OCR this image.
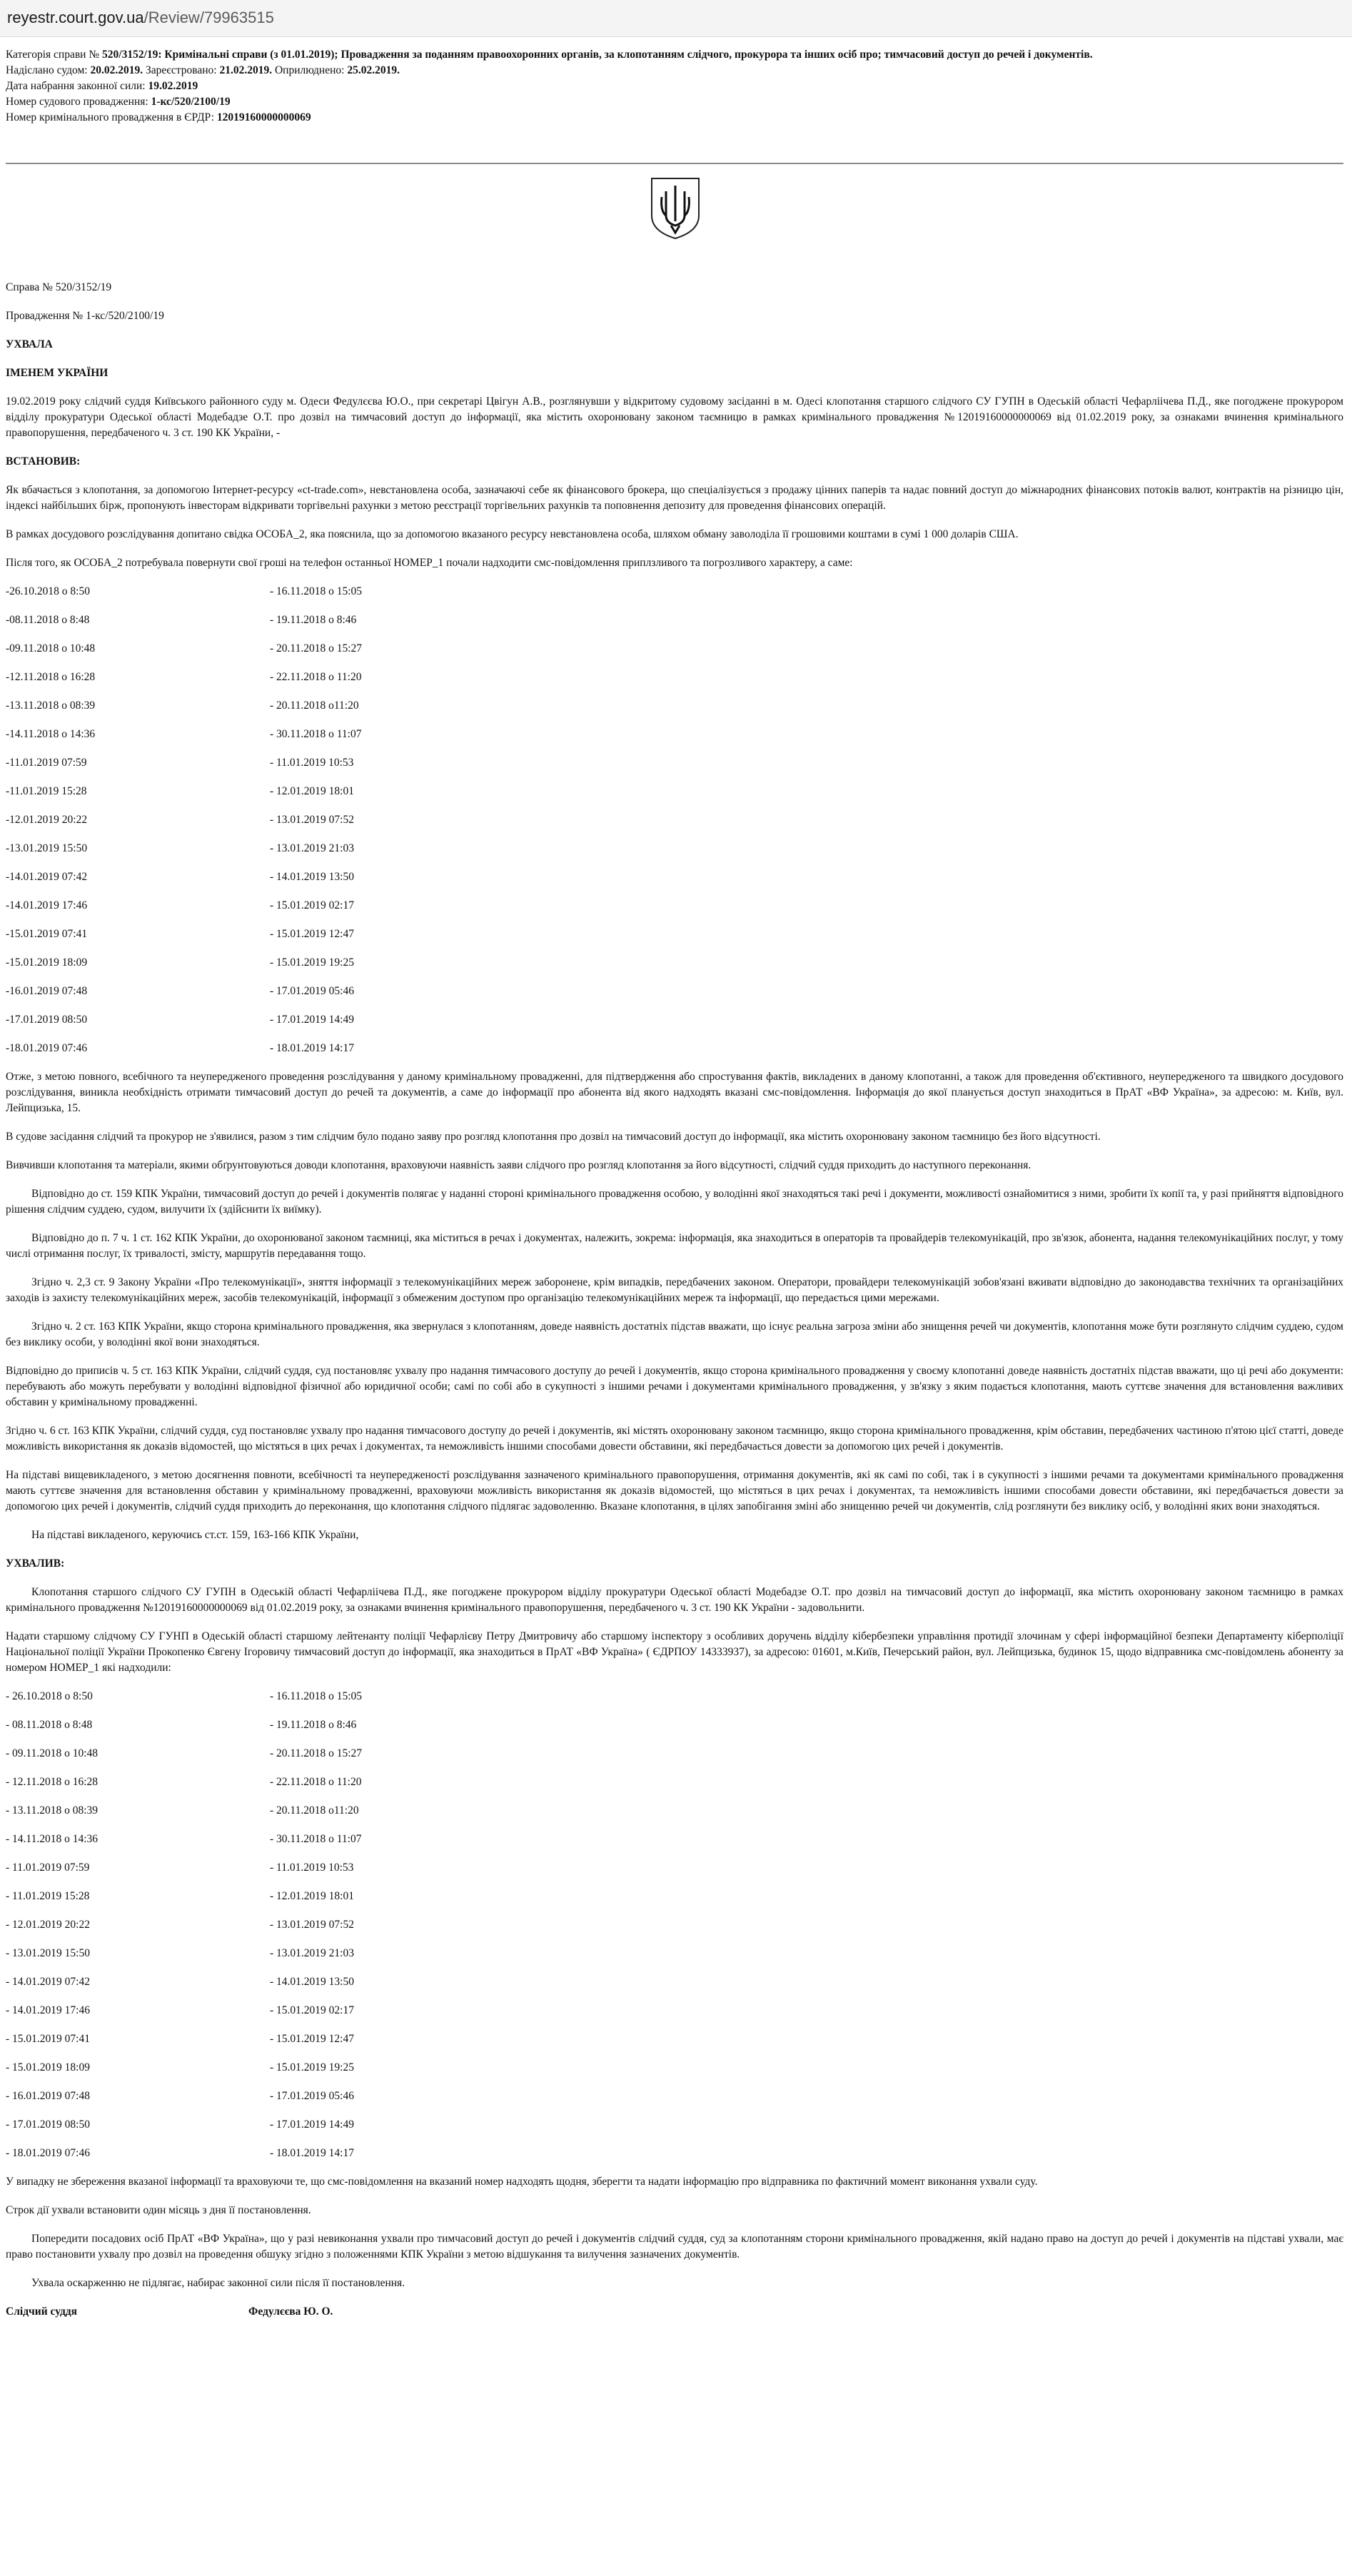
reyestr.court.gov.ua/Review/79963515
Категорія справи № 520/3152/19: Кримінальні справи (з 01.01.2019); Провадження за поданням правоохоронних органів, за клопотанням слідчого, прокурора та інших осіб про; тимчасовий доступ до речей і документів.
Надіслано судом: 20.02.2019. Зареєстровано: 21.02.2019. Оприлюднено: 25.02.2019.
Дата набрання законної сили: 19.02.2019
Номер судового провадження: 1-кс/520/2100/19
Номер кримінального провадження в ЄРДР: 12019160000000069

Справа № 520/3152/19

Провадження № 1-кс/520/2100/19

УХВАЛА

ІМЕНЕМ УКРАЇНИ

19.02.2019 року слідчий суддя Київського районного суду м. Одеси Федулєєва Ю.О., при секретарі Цвігун А.В., розглянувши у відкритому судовому засіданні в м. Одесі клопотання старшого слідчого СУ ГУПН в Одеській області Чефарліічева П.Д., яке погоджене прокурором відділу прокуратури Одеської області Модебадзе О.Т. про дозвіл на тимчасовий доступ до інформації, яка містить охоронювану законом таємницю в рамках кримінального провадження №12019160000000069 від 01.02.2019 року, за ознаками вчинення кримінального правопорушення, передбаченого ч. 3 ст. 190 КК України, -

ВСТАНОВИВ:

Як вбачається з клопотання, за допомогою Інтернет-ресурсу «ct-trade.com», невстановлена особа, зазначаючі себе як фінансового брокера, що спеціалізується з продажу цінних паперів та надає повний доступ до міжнародних фінансових потоків валют, контрактів на різницю цін, індексі найбільших бірж, пропонують інвесторам відкривати торгівельні рахунки з метою реєстрації торгівельних рахунків та поповнення депозиту для проведення фінансових операцій.

В рамках досудового розслідування допитано свідка ОСОБА_2, яка пояснила, що за допомогою вказаного ресурсу невстановлена особа, шляхом обману заволоділа її грошовими коштами в сумі 1 000 доларів США.

Після того, як ОСОБА_2 потребувала повернути свої гроші на телефон останньої НОМЕР_1 почали надходити смс-повідомлення приплзливого та погрозливого характеру, а саме:

-26.10.2018 о 8:50	- 16.11.2018 о 15:05
-08.11.2018 о 8:48	- 19.11.2018 о 8:46
-09.11.2018 о 10:48	- 20.11.2018 о 15:27
-12.11.2018 о 16:28	- 22.11.2018 о 11:20
-13.11.2018 о 08:39	- 20.11.2018 о11:20
-14.11.2018 о 14:36	- 30.11.2018 о 11:07
-11.01.2019 07:59	- 11.01.2019 10:53
-11.01.2019 15:28	- 12.01.2019 18:01
-12.01.2019 20:22	- 13.01.2019 07:52
-13.01.2019 15:50	- 13.01.2019 21:03
-14.01.2019 07:42	- 14.01.2019 13:50
-14.01.2019 17:46	- 15.01.2019 02:17
-15.01.2019 07:41	- 15.01.2019 12:47
-15.01.2019 18:09	- 15.01.2019 19:25
-16.01.2019 07:48	- 17.01.2019 05:46
-17.01.2019 08:50	- 17.01.2019 14:49
-18.01.2019 07:46	- 18.01.2019 14:17

Отже, з метою повного, всебічного та неупередженого проведення розслідування у даному кримінальному провадженні, для підтвердження або спростування фактів, викладених в даному клопотанні, а також для проведення об'єктивного, неупередженого та швидкого досудового розслідування, виникла необхідність отримати тимчасовий доступ до речей та документів, а саме до інформації про абонента від якого надходять вказані смс-повідомлення. Інформація до якої планується доступ знаходиться в ПрАТ «ВФ Україна», за адресою: м. Київ, вул. Лейпцизька, 15.

В судове засідання слідчий та прокурор не з'явилися, разом з тим слідчим було подано заяву про розгляд клопотання про дозвіл на тимчасовий доступ до інформації, яка містить охоронювану законом таємницю без його відсутності.

Вивчивши клопотання та матеріали, якими обґрунтовуються доводи клопотання, враховуючи наявність заяви слідчого про розгляд клопотання за його відсутності, слідчий суддя приходить до наступного переконання.

Відповідно до ст. 159 КПК України, тимчасовий доступ до речей і документів полягає у наданні стороні кримінального провадження особою, у володінні якої знаходяться такі речі і документи, можливості ознайомитися з ними, зробити їх копії та, у разі прийняття відповідного рішення слідчим суддею, судом, вилучити їх (здійснити їх виїмку).

Відповідно до п. 7 ч. 1 ст. 162 КПК України, до охоронюваної законом таємниці, яка міститься в речах і документах, належить, зокрема: інформація, яка знаходиться в операторів та провайдерів телекомунікацій, про зв'язок, абонента, надання телекомунікаційних послуг, у тому числі отримання послуг, їх тривалості, змісту, маршрутів передавання тощо.

Згідно ч. 2,3 ст. 9 Закону України «Про телекомунікації», зняття інформації з телекомунікаційних мереж заборонене, крім випадків, передбачених законом. Оператори, провайдери телекомунікацій зобов'язані вживати відповідно до законодавства технічних та організаційних заходів із захисту телекомунікаційних мереж, засобів телекомунікацій, інформації з обмеженим доступом про організацію телекомунікаційних мереж та інформації, що передається цими мережами.

Згідно ч. 2 ст. 163 КПК України, якщо сторона кримінального провадження, яка звернулася з клопотанням, доведе наявність достатніх підстав вважати, що існує реальна загроза зміни або знищення речей чи документів, клопотання може бути розглянуто слідчим суддею, судом без виклику особи, у володінні якої вони знаходяться.

Відповідно до приписів ч. 5 ст. 163 КПК України, слідчий суддя, суд постановляє ухвалу про надання тимчасового доступу до речей і документів, якщо сторона кримінального провадження у своєму клопотанні доведе наявність достатніх підстав вважати, що ці речі або документи: перебувають або можуть перебувати у володінні відповідної фізичної або юридичної особи; самі по собі або в сукупності з іншими речами і документами кримінального провадження, у зв'язку з яким подається клопотання, мають суттєве значення для встановлення важливих обставин у кримінальному провадженні.

Згідно ч. 6 ст. 163 КПК України, слідчий суддя, суд постановляє ухвалу про надання тимчасового доступу до речей і документів, які містять охоронювану законом таємницю, якщо сторона кримінального провадження, крім обставин, передбачених частиною п'ятою цієї статті, доведе можливість використання як доказів відомостей, що містяться в цих речах і документах, та неможливість іншими способами довести обставини, які передбачається довести за допомогою цих речей і документів.

На підставі вищевикладеного, з метою досягнення повноти, всебічності та неупередженості розслідування зазначеного кримінального правопорушення, отримання документів, які як самі по собі, так і в сукупності з іншими речами та документами кримінального провадження мають суттєве значення для встановлення обставин у кримінальному провадженні, враховуючи можливість використання як доказів відомостей, що містяться в цих речах і документах, та неможливість іншими способами довести обставини, які передбачається довести за допомогою цих речей і документів, слідчий суддя приходить до переконання, що клопотання слідчого підлягає задоволенню. Вказане клопотання, в цілях запобігання зміні або знищенню речей чи документів, слід розглянути без виклику осіб, у володінні яких вони знаходяться.

На підставі викладеного, керуючись ст.ст. 159, 163-166 КПК України,

УХВАЛИВ:

Клопотання старшого слідчого СУ ГУПН в Одеській області Чефарліічева П.Д., яке погоджене прокурором відділу прокуратури Одеської області Модебадзе О.Т. про дозвіл на тимчасовий доступ до інформації, яка містить охоронювану законом таємницю в рамках кримінального провадження №12019160000000069 від 01.02.2019 року, за ознаками вчинення кримінального правопорушення, передбаченого ч. 3 ст. 190 КК України - задовольнити.

Надати старшому слідчому СУ ГУНП в Одеській області старшому лейтенанту поліції Чефарлієву Петру Дмитровичу або старшому інспектору з особливих доручень відділу кібербезпеки управління протидії злочинам у сфері інформаційної безпеки Департаменту кіберполіції Національної поліції України Прокопенко Євгену Ігоровичу тимчасовий доступ до інформації, яка знаходиться в ПрАТ «ВФ Україна» ( ЄДРПОУ 14333937), за адресою: 01601, м.Київ, Печерський район, вул. Лейпцизька, будинок 15, щодо відправника смс-повідомлень абоненту за номером НОМЕР_1 які надходили:

- 26.10.2018 о 8:50	- 16.11.2018 о 15:05
- 08.11.2018 о 8:48	- 19.11.2018 о 8:46
- 09.11.2018 о 10:48	- 20.11.2018 о 15:27
- 12.11.2018 о 16:28	- 22.11.2018 о 11:20
- 13.11.2018 о 08:39	- 20.11.2018 о11:20
- 14.11.2018 о 14:36	- 30.11.2018 о 11:07
- 11.01.2019 07:59	- 11.01.2019 10:53
- 11.01.2019 15:28	- 12.01.2019 18:01
- 12.01.2019 20:22	- 13.01.2019 07:52
- 13.01.2019 15:50	- 13.01.2019 21:03
- 14.01.2019 07:42	- 14.01.2019 13:50
- 14.01.2019 17:46	- 15.01.2019 02:17
- 15.01.2019 07:41	- 15.01.2019 12:47
- 15.01.2019 18:09	- 15.01.2019 19:25
- 16.01.2019 07:48	- 17.01.2019 05:46
- 17.01.2019 08:50	- 17.01.2019 14:49
- 18.01.2019 07:46	- 18.01.2019 14:17

У випадку не збереження вказаної інформації та враховуючи те, що смс-повідомлення на вказаний номер надходять щодня, зберегти та надати інформацію про відправника по фактичний момент виконання ухвали суду.

Строк дії ухвали встановити один місяць з дня її постановлення.

Попередити посадових осіб ПрАТ «ВФ Україна», що у разі невиконання ухвали про тимчасовий доступ до речей і документів слідчий суддя, суд за клопотанням сторони кримінального провадження, якій надано право на доступ до речей і документів на підставі ухвали, має право постановити ухвалу про дозвіл на проведення обшуку згідно з положеннями КПК України з метою відшукання та вилучення зазначених документів.

Ухвала оскарженню не підлягає, набирає законної сили після її постановлення.

Слідчий суддя	Федулєєва Ю. О.
